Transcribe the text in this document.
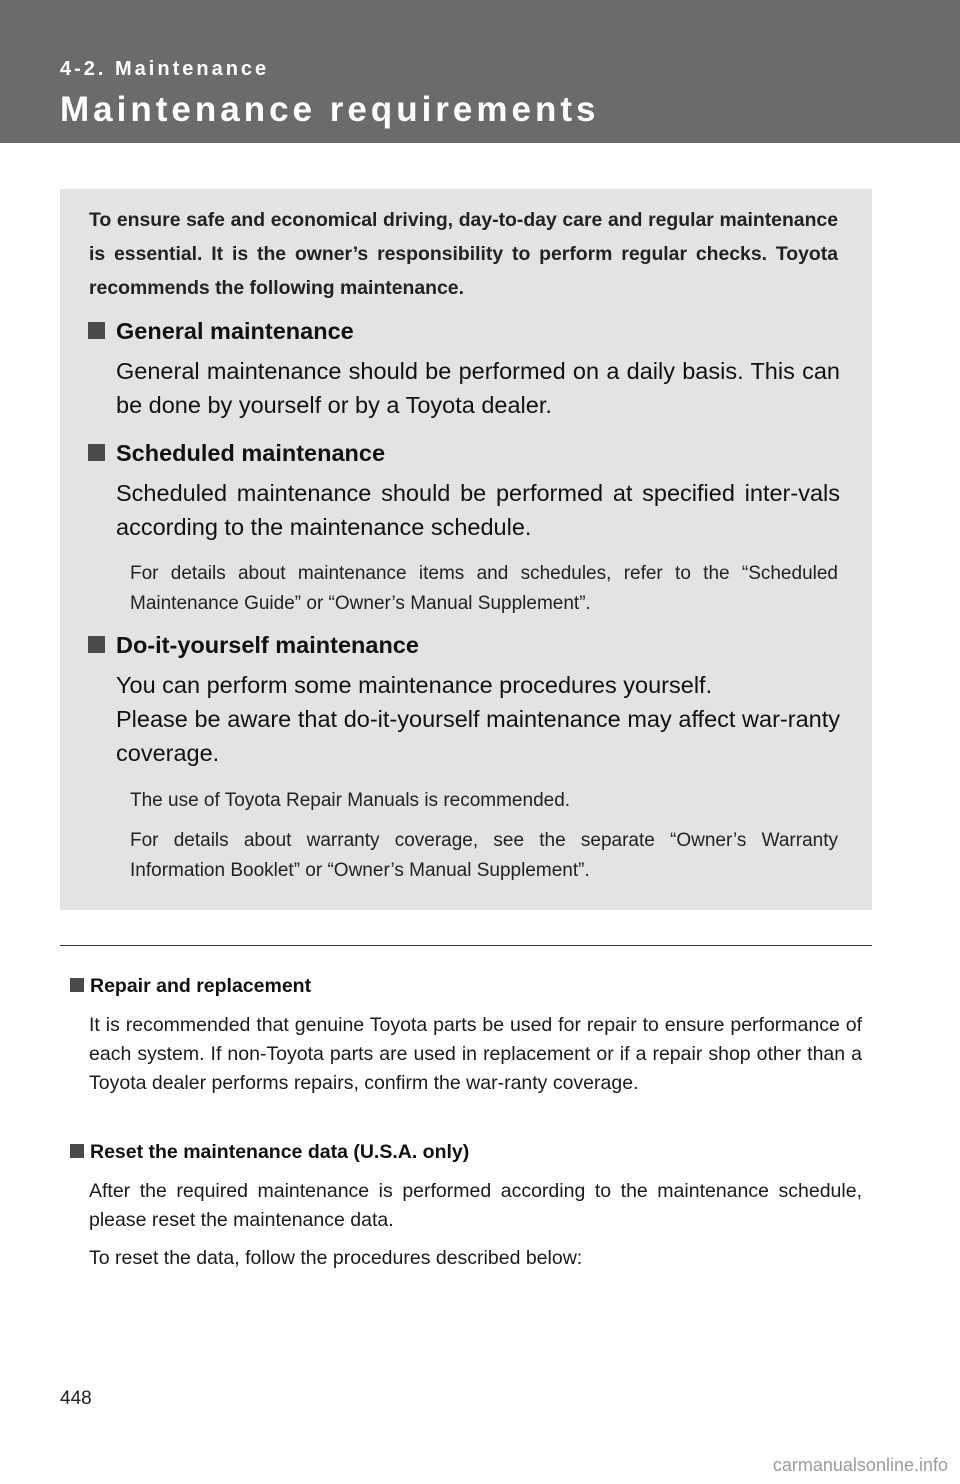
4-2. Maintenance
Maintenance requirements
To ensure safe and economical driving, day-to-day care and regular maintenance is essential. It is the owner’s responsibility to perform regular checks. Toyota recommends the following maintenance.
General maintenance
General maintenance should be performed on a daily basis. This can be done by yourself or by a Toyota dealer.
Scheduled maintenance
Scheduled maintenance should be performed at specified inter-vals according to the maintenance schedule.
For details about maintenance items and schedules, refer to the “Scheduled Maintenance Guide” or “Owner’s Manual Supplement”.
Do-it-yourself maintenance
You can perform some maintenance procedures yourself.
Please be aware that do-it-yourself maintenance may affect war-ranty coverage.
The use of Toyota Repair Manuals is recommended.
For details about warranty coverage, see the separate “Owner’s Warranty Information Booklet” or “Owner’s Manual Supplement”.
Repair and replacement
It is recommended that genuine Toyota parts be used for repair to ensure performance of each system. If non-Toyota parts are used in replacement or if a repair shop other than a Toyota dealer performs repairs, confirm the war-ranty coverage.
Reset the maintenance data (U.S.A. only)
After the required maintenance is performed according to the maintenance schedule, please reset the maintenance data.
To reset the data, follow the procedures described below:
448
carmanualsonline.info
